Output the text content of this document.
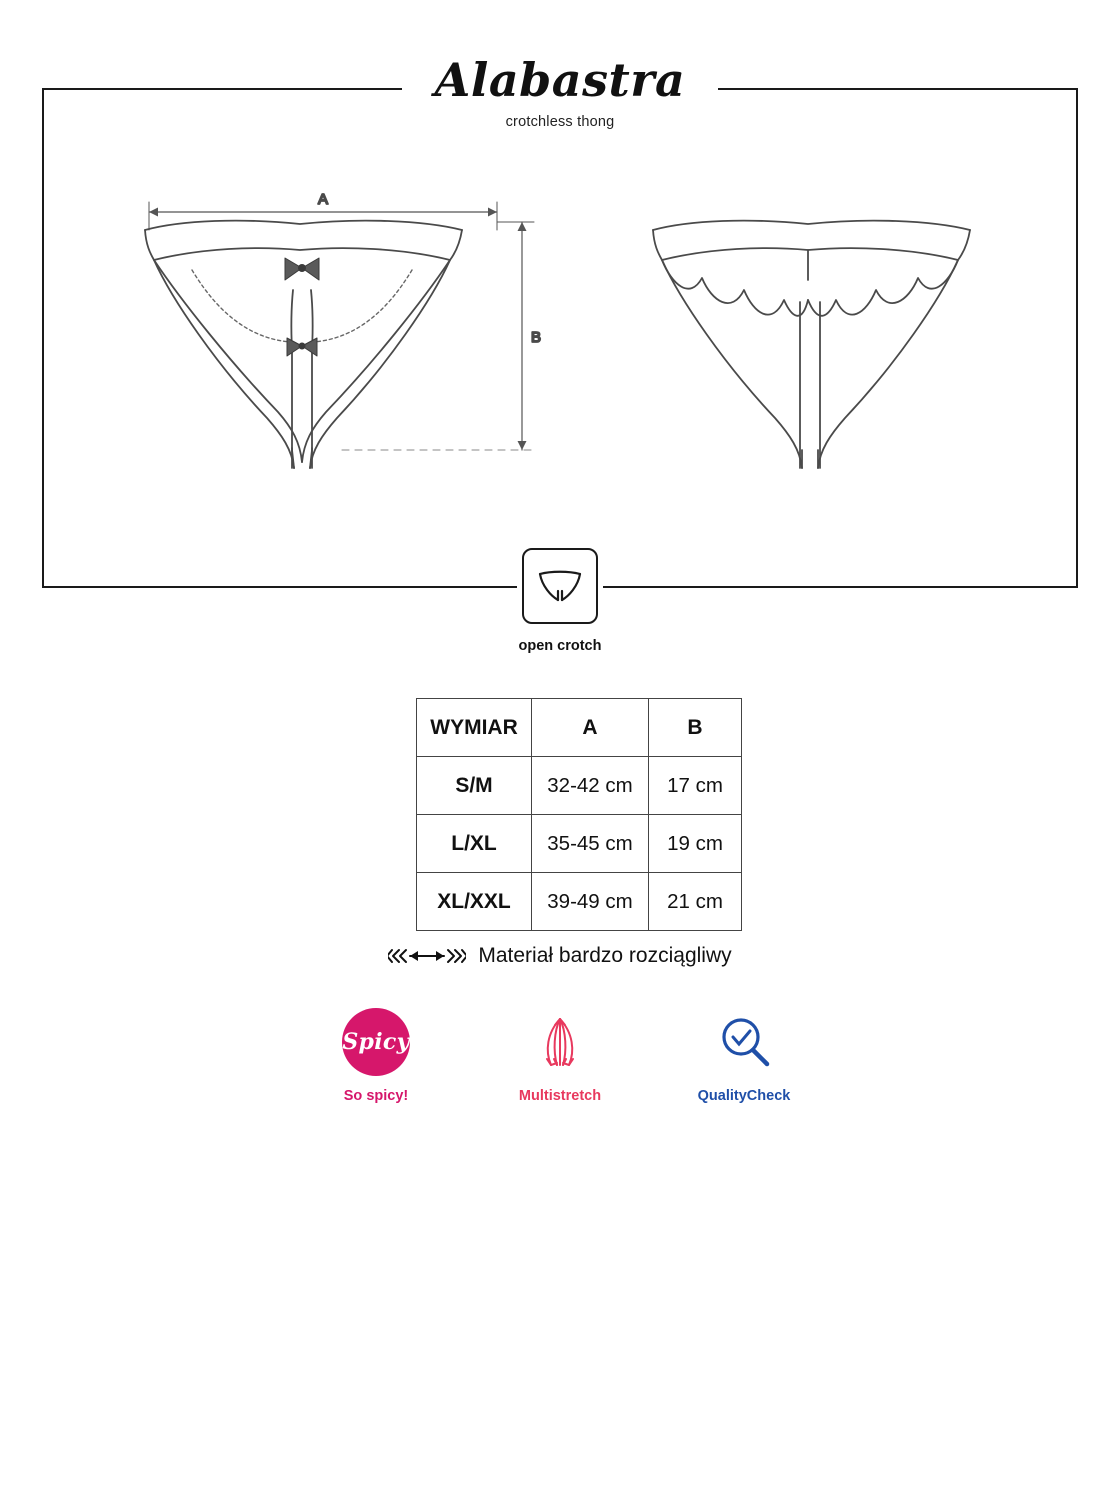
Alabastra
crotchless thong
A
B
open crotch
WYMIAR	A	B
S/M	32-42 cm	17 cm
L/XL	35-45 cm	19 cm
XL/XXL	39-49 cm	21 cm
Materiał bardzo rozciągliwy
Spicy
So spicy!	Multistretch	QualityCheck
